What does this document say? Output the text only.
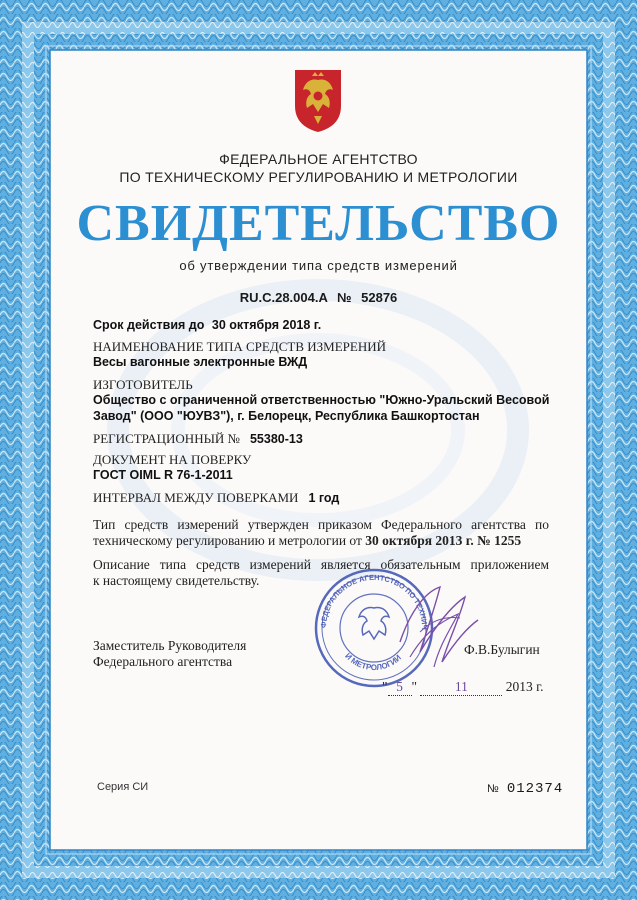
ФЕДЕРАЛЬНОЕ АГЕНТСТВО
ПО ТЕХНИЧЕСКОМУ РЕГУЛИРОВАНИЮ И МЕТРОЛОГИИ
СВИДЕТЕЛЬСТВО
об утверждении типа средств измерений
RU.C.28.004.A № 52876
Срок действия до 30 октября 2018 г.
НАИМЕНОВАНИЕ ТИПА СРЕДСТВ ИЗМЕРЕНИЙ
Весы вагонные электронные ВЖД
ИЗГОТОВИТЕЛЬ
Общество с ограниченной ответственностью "Южно-Уральский Весовой
Завод" (ООО "ЮУВЗ"), г. Белорецк, Республика Башкортостан
РЕГИСТРАЦИОННЫЙ № 55380-13
ДОКУМЕНТ НА ПОВЕРКУ
ГОСТ OIML R 76-1-2011
ИНТЕРВАЛ МЕЖДУ ПОВЕРКАМИ 1 год
Тип средств измерений утвержден приказом Федерального агентства по
техническому регулированию и метрологии от 30 октября 2013 г. № 1255
Описание типа средств измерений является обязательным приложением
к настоящему свидетельству.
ФЕДЕРАЛЬНОЕ АГЕНТСТВО ПО ТЕХНИЧ
И МЕТРОЛОГИИ
Заместитель Руководителя
Федерального агентства
Ф.В.Булыгин
" 5 "	11	2013 г.
Серия СИ	№ 012374
